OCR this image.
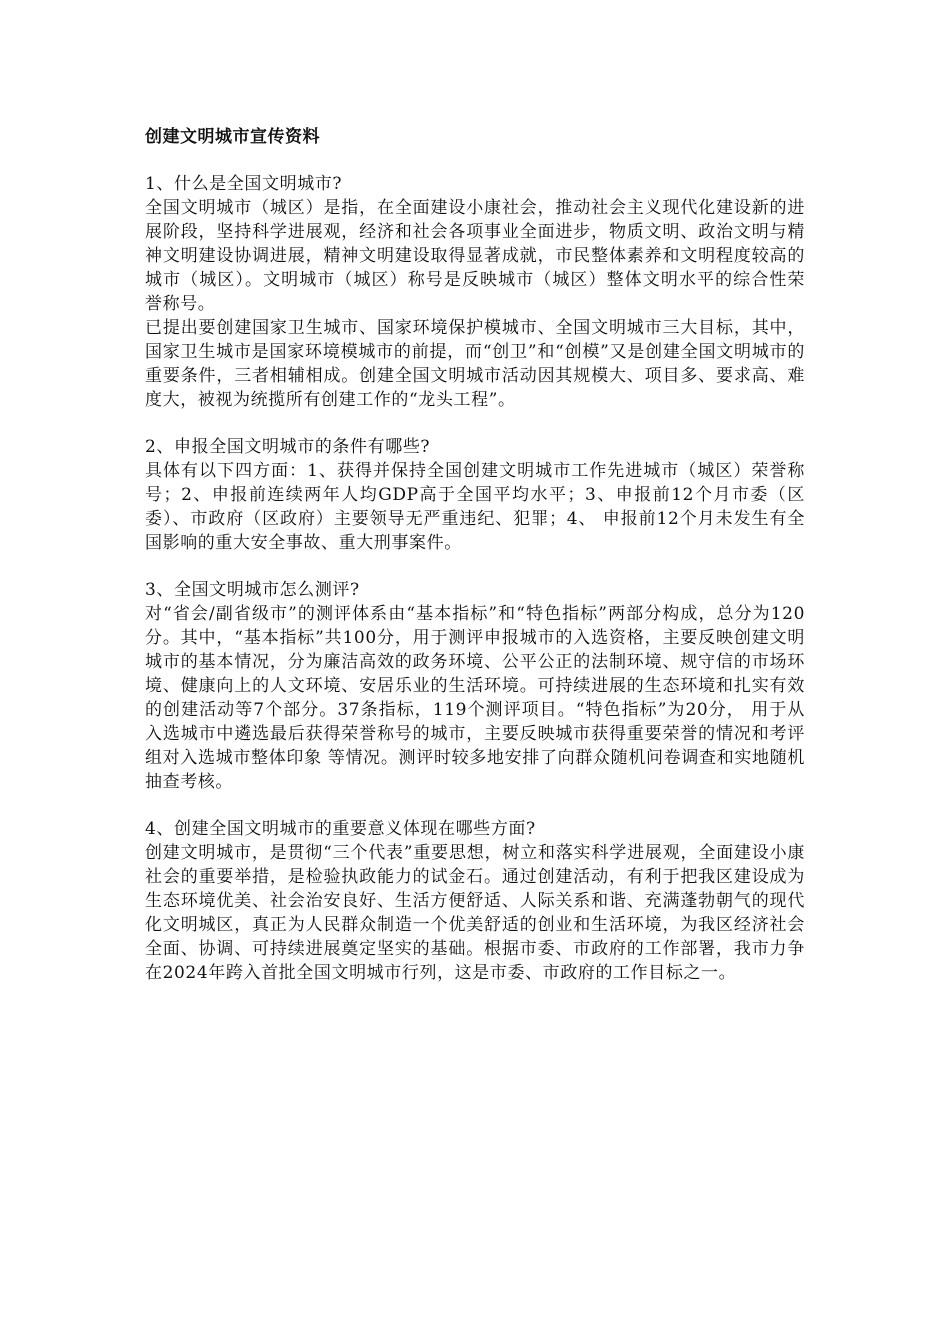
创建文明城市宣传资料

1、什么是全国文明城市?

全国文明城市（城区）是指，在全面建设小康社会，推动社会主义现代化建设新的进展阶段，坚持科学进展观，经济和社会各项事业全面进步，物质文明、政治文明与精神文明建设协调进展，精神文明建设取得显著成就，市民整体素养和文明程度较高的城市（城区）。文明城市（城区）称号是反映城市（城区）整体文明水平的综合性荣誉称号。

已提出要创建国家卫生城市、国家环境保护模城市、全国文明城市三大目标，其中，国家卫生城市是国家环境模城市的前提，而“创卫”和“创模”又是创建全国文明城市的重要条件，三者相辅相成。创建全国文明城市活动因其规模大、项目多、要求高、难度大，被视为统揽所有创建工作的“龙头工程”。

2、申报全国文明城市的条件有哪些?

具体有以下四方面：1、获得并保持全国创建文明城市工作先进城市（城区）荣誉称号；2、申报前连续两年人均GDP高于全国平均水平；3、申报前12个月市委（区委）、市政府（区政府）主要领导无严重违纪、犯罪；4、 申报前12个月未发生有全国影响的重大安全事故、重大刑事案件。

3、全国文明城市怎么测评?

对“省会/副省级市”的测评体系由“基本指标”和“特色指标”两部分构成，总分为120分。其中，“基本指标”共100分，用于测评申报城市的入选资格，主要反映创建文明城市的基本情况，分为廉洁高效的政务环境、公平公正的法制环境、规守信的市场环境、健康向上的人文环境、安居乐业的生活环境。可持续进展的生态环境和扎实有效的创建活动等7个部分。37条指标，119个测评项目。“特色指标”为20分， 用于从入选城市中遴选最后获得荣誉称号的城市，主要反映城市获得重要荣誉的情况和考评组对入选城市整体印象 等情况。测评时较多地安排了向群众随机问卷调查和实地随机抽查考核。

4、创建全国文明城市的重要意义体现在哪些方面?

创建文明城市，是贯彻“三个代表”重要思想，树立和落实科学进展观，全面建设小康社会的重要举措，是检验执政能力的试金石。通过创建活动，有利于把我区建设成为生态环境优美、社会治安良好、生活方便舒适、人际关系和谐、充满蓬勃朝气的现代化文明城区，真正为人民群众制造一个优美舒适的创业和生活环境，为我区经济社会全面、协调、可持续进展奠定坚实的基础。根据市委、市政府的工作部署，我市力争在2024年跨入首批全国文明城市行列，这是市委、市政府的工作目标之一。
